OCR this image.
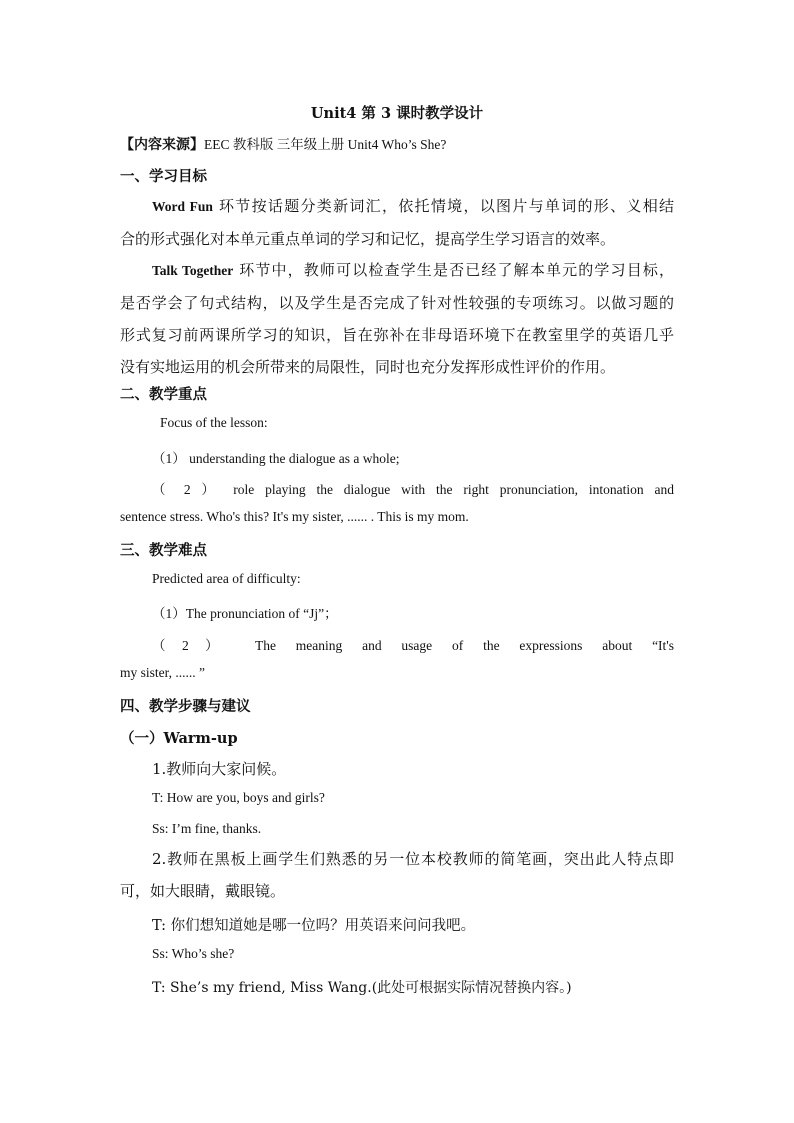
Unit4 第 3 课时教学设计
【内容来源】EEC 教科版 三年级上册 Unit4 Who’s She?
一、学习目标
Word Fun 环节按话题分类新词汇，依托情境，以图片与单词的形、义相结
合的形式强化对本单元重点单词的学习和记忆，提高学生学习语言的效率。
Talk Together 环节中，教师可以检查学生是否已经了解本单元的学习目标，
是否学会了句式结构，以及学生是否完成了针对性较强的专项练习。以做习题的
形式复习前两课所学习的知识，旨在弥补在非母语环境下在教室里学的英语几乎
没有实地运用的机会所带来的局限性，同时也充分发挥形成性评价的作用。
二、教学重点
Focus of the lesson:
（1） understanding the dialogue as a whole;
（ 2 ） role playing the dialogue with the right pronunciation, intonation and
sentence stress. Who's this? It's my sister, ...... . This is my mom.
三、教学难点
Predicted area of difficulty:
（1）The pronunciation of “Jj”；
（2） The meaning and usage of the expressions about “It's
my sister, ...... ”
四、教学步骤与建议
（一）Warm-up
1.教师向大家问候。
T: How are you, boys and girls?
Ss: I’m fine, thanks.
2.教师在黑板上画学生们熟悉的另一位本校教师的简笔画，突出此人特点即
可，如大眼睛，戴眼镜。
T: 你们想知道她是哪一位吗？用英语来问问我吧。
Ss: Who’s she?
T: She’s my friend, Miss Wang.(此处可根据实际情况替换内容。)
